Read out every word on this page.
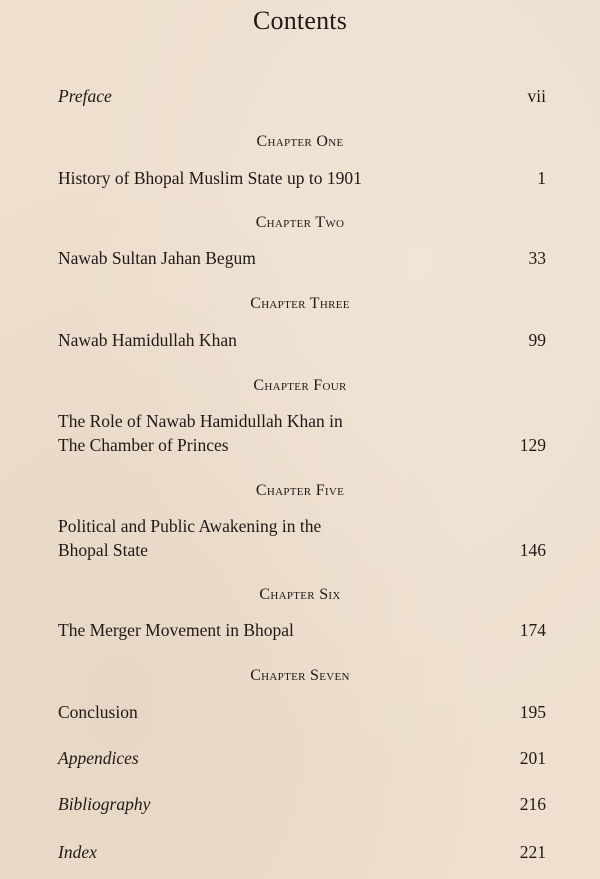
Contents
Preface	vii
Chapter One
History of Bhopal Muslim State up to 1901	1
Chapter Two
Nawab Sultan Jahan Begum	33
Chapter Three
Nawab Hamidullah Khan	99
Chapter Four
The Role of Nawab Hamidullah Khan in
The Chamber of Princes	129
Chapter Five
Political and Public Awakening in the
Bhopal State	146
Chapter Six
The Merger Movement in Bhopal	174
Chapter Seven
Conclusion	195
Appendices	201
Bibliography	216
Index	221
